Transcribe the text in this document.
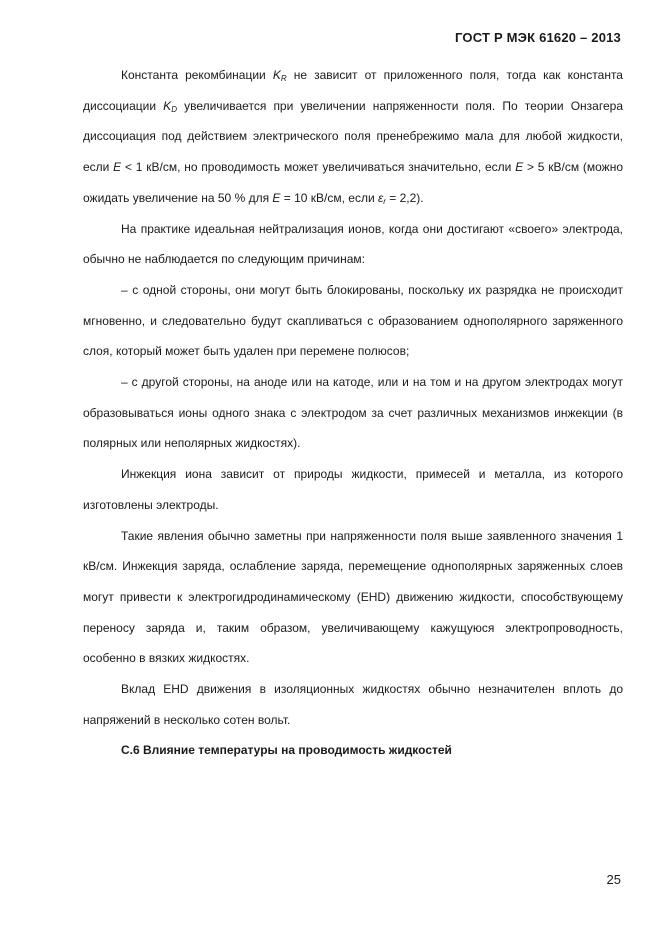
ГОСТ Р МЭК 61620 – 2013

Константа рекомбинации $K_R$ не зависит от приложенного поля, тогда как константа диссоциации $K_D$ увеличивается при увеличении напряженности поля. По теории Онзагера диссоциация под действием электрического поля пренебрежимо мала для любой жидкости, если E < 1 кВ/см, но проводимость может увеличиваться значительно, если E > 5 кВ/см (можно ожидать увеличение на 50 % для E = 10 кВ/см, если $\varepsilon_r = 2,2$).

На практике идеальная нейтрализация ионов, когда они достигают «своего» электрода, обычно не наблюдается по следующим причинам:

– с одной стороны, они могут быть блокированы, поскольку их разрядка не происходит мгновенно, и следовательно будут скапливаться с образованием однополярного заряженного слоя, который может быть удален при перемене полюсов;

– с другой стороны, на аноде или на катоде, или и на том и на другом электродах могут образовываться ионы одного знака с электродом за счет различных механизмов инжекции (в полярных или неполярных жидкостях).

Инжекция иона зависит от природы жидкости, примесей и металла, из которого изготовлены электроды.

Такие явления обычно заметны при напряженности поля выше заявленного значения 1 кВ/см. Инжекция заряда, ослабление заряда, перемещение однополярных заряженных слоев могут привести к электрогидродинамическому (EHD) движению жидкости, способствующему переносу заряда и, таким образом, увеличивающему кажущуюся электропроводность, особенно в вязких жидкостях.

Вклад EHD движения в изоляционных жидкостях обычно незначителен вплоть до напряжений в несколько сотен вольт.

С.6 Влияние температуры на проводимость жидкостей

25
